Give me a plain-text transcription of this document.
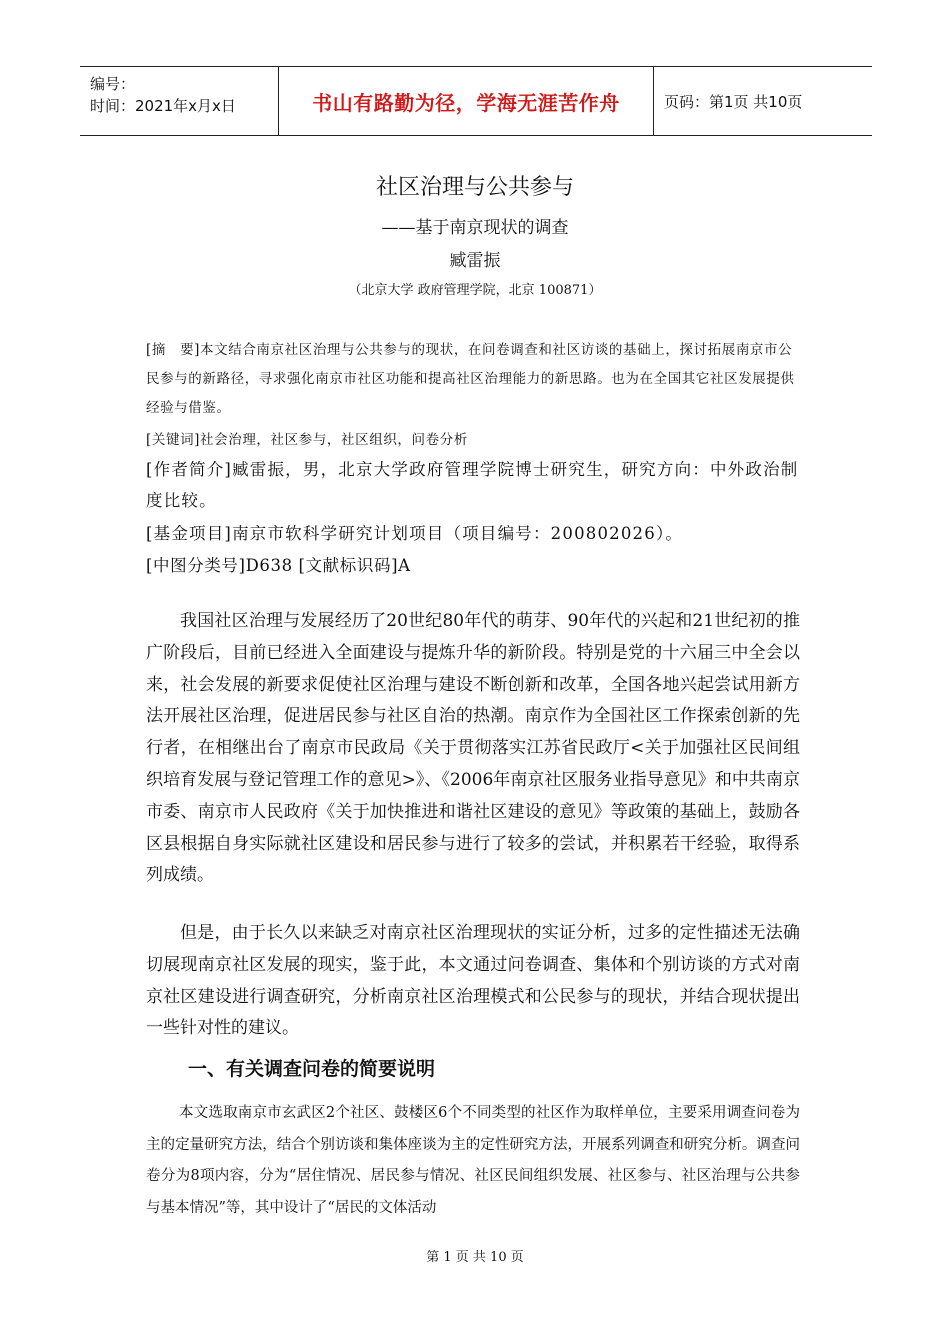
编号：
时间：2021年x月x日	书山有路勤为径，学海无涯苦作舟	页码：第1页 共10页
社区治理与公共参与
——基于南京现状的调查
臧雷振
（北京大学 政府管理学院，北京 100871）
[摘　要]本文结合南京社区治理与公共参与的现状，在问卷调查和社区访谈的基础上，探讨拓展南京市公民参与的新路径，寻求强化南京市社区功能和提高社区治理能力的新思路。也为在全国其它社区发展提供经验与借鉴。
[关键词]社会治理，社区参与，社区组织，问卷分析
[作者简介]臧雷振，男，北京大学政府管理学院博士研究生，研究方向：中外政治制度比较。
[基金项目]南京市软科学研究计划项目（项目编号：200802026）。
[中图分类号]D638 [文献标识码]A
我国社区治理与发展经历了20世纪80年代的萌芽、90年代的兴起和21世纪初的推广阶段后，目前已经进入全面建设与提炼升华的新阶段。特别是党的十六届三中全会以来，社会发展的新要求促使社区治理与建设不断创新和改革，全国各地兴起尝试用新方法开展社区治理，促进居民参与社区自治的热潮。南京作为全国社区工作探索创新的先行者，在相继出台了南京市民政局《关于贯彻落实江苏省民政厅<关于加强社区民间组织培育发展与登记管理工作的意见>》、《2006年南京社区服务业指导意见》和中共南京市委、南京市人民政府《关于加快推进和谐社区建设的意见》等政策的基础上，鼓励各区县根据自身实际就社区建设和居民参与进行了较多的尝试，并积累若干经验，取得系列成绩。
但是，由于长久以来缺乏对南京社区治理现状的实证分析，过多的定性描述无法确切展现南京社区发展的现实，鉴于此，本文通过问卷调查、集体和个别访谈的方式对南京社区建设进行调查研究，分析南京社区治理模式和公民参与的现状，并结合现状提出一些针对性的建议。
一、有关调查问卷的简要说明
本文选取南京市玄武区2个社区、鼓楼区6个不同类型的社区作为取样单位，主要采用调查问卷为主的定量研究方法，结合个别访谈和集体座谈为主的定性研究方法，开展系列调查和研究分析。调查问卷分为8项内容，分为“居住情况、居民参与情况、社区民间组织发展、社区参与、社区治理与公共参与基本情况”等，其中设计了“居民的文体活动
第 1 页 共 10 页
